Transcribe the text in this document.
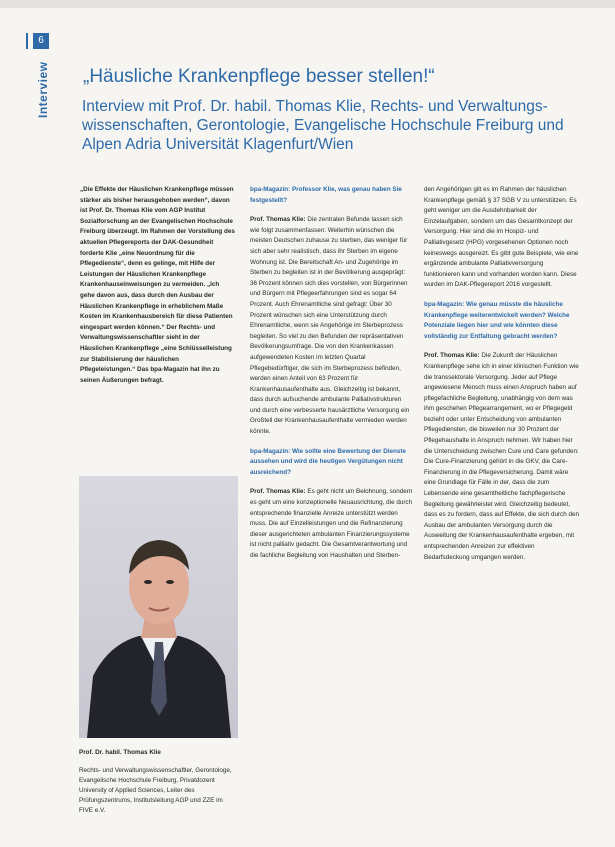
6
Interview „Häusliche Krankenpflege besser stellen!“
Interview mit Prof. Dr. habil. Thomas Klie, Rechts- und Verwaltungs-wissenschaften, Gerontologie, Evangelische Hochschule Freiburg und Alpen Adria Universität Klagenfurt/Wien

„Die Effekte der Häuslichen Krankenpflege müssen stärker als bisher herausgehoben werden“, davon ist Prof. Dr. Thomas Klie vom AGP Institut Sozialforschung an der Evangelischen Hochschule Freiburg überzeugt. Im Rahmen der Vorstellung des aktuellen Pflegereports der DAK-Gesundheit forderte Klie „eine Neuordnung für die Pflegedienste“, denn es gelinge, mit Hilfe der Leistungen der Häuslichen Krankenpflege Krankenhauseinweisungen zu vermeiden. „Ich gehe davon aus, dass durch den Ausbau der Häuslichen Krankenpflege in erheblichem Maße Kosten im Krankenhausbereich für diese Patienten eingespart werden können.“ Der Rechts- und Verwaltungswissenschaftler sieht in der Häuslichen Krankenpflege „eine Schlüsselleistung zur Stabilisierung der häuslichen Pflegeleistungen.“ Das bpa-Magazin hat ihn zu seinen Äußerungen befragt.

bpa-Magazin: Professor Klie, was genau haben Sie festgestellt?

Prof. Thomas Klie: Die zentralen Befunde lassen sich wie folgt zusammenfassen: Weiterhin wünschen die meisten Deutschen zuhause zu sterben, das weniger für sich aber sehr realistisch, dass ihr Sterben im eigene Wohnung ist. Die Bereitschaft An- und Zugehörige im Sterben zu begleiten ist in der Bevölkerung ausgeprägt: 36 Prozent können sich dies vorstellen, von Bürgerinnen und Bürgern mit Pflegeerfahrungen sind es sogar 64 Prozent. Auch Ehrenamtliche sind gefragt: Über 30 Prozent wünschen sich eine Unterstützung durch Ehrenamtliche, wenn sie Angehörige im Sterbeprozess begleiten. So viel zu den Befunden der repräsentativen Bevölkerungsumfrage. Die von den Krankenkassen aufgewendeten Kosten im letzten Quartal Pflegebedürftiger, die sich im Sterbeprozess befinden, werden einen Anteil von 63 Prozent für Krankenhausaufenthalte aus. Gleichzeitig ist bekannt, dass durch aufsuchende ambulante Palliativstrukturen und durch eine verbesserte hausärztliche Versorgung ein Großteil der Krankenhausaufenthalte vermieden werden könnte.

bpa-Magazin: Wie sollte eine Bewertung der Dienste aussehen und wird die heutigen Vergütungen nicht ausreichend?

Prof. Thomas Klie: Es geht nicht um Belohnung, sondern es geht um eine konzeptionelle Neuausrichtung, die durch entsprechende finanzielle Anreize unterstützt werden muss. Die auf Einzelleistungen und die Refinanzierung dieser ausgerichteten ambulanten Finanzierungssysteme ist nicht palliativ gedacht. Die Gesamtverantwortung und die fachliche Begleitung von Haushalten und Sterben-

den Angehörigen gilt es im Rahmen der häuslichen Krankenpflege gemäß § 37 SGB V zu unterstützen. Es geht weniger um die Ausdehnbarkeit der Einzelaufgaben, sondern um das Gesamtkonzept der Versorgung. Hier sind die im Hospiz- und Palliativgesetz (HPG) vorgesehenen Optionen noch keineswegs ausgereizt. Es gibt gute Beispiele, wie eine ergänzende ambulante Palliativversorgung funktionieren kann und vorhanden worden kann. Diese wurden im DAK-Pflegereport 2016 vorgestellt.

bpa-Magazin: Wie genau müsste die häusliche Krankenpflege weiterentwickelt werden? Welche Potenziale liegen hier und wie könnten diese vollständig zur Entfaltung gebracht werden?

Prof. Thomas Klie: Die Zukunft der Häuslichen Krankenpflege sehe ich in einer klinischen Funktion wie die transsektorale Versorgung. Jeder auf Pflege angewiesene Mensch muss einen Anspruch haben auf pflegefachliche Begleitung, unabhängig von dem was ihm geschehen Pflegearrangement, wo er Pflegegeld bezieht oder unter Entscheidung von ambulanten Pflegediensten, die bisweilen nur 30 Prozent der Pflegehaushalte in Anspruch nehmen. Wir haben hier die Unterscheidung zwischen Cure und Care gefunden: Die Cure-Finanzierung gehört in die GKV, die Care-Finanzierung in die Pflegeversicherung. Damit wäre eine Grundlage für Fälle in der, dass die zum Lebensende eine gesamtheitliche fachpflegerische Begleitung gewährleistet wird. Gleichzeitig bedeutet, dass es zu fordern, dass auf Effekte, die sich durch den Ausbau der ambulanten Versorgung durch die Ausweitung der Krankenhausaufenthalte ergeben, mit entsprechenden Anreizen zur effektiven Bedarfsdeckung umgangen werden.

Prof. Dr. habil. Thomas Klie
Rechts- und Verwaltungswissenschaftler, Gerontologe, Evangelische Hochschule Freiburg, Privatdozent University of Applied Sciences, Leiter des Prüfungszentrums, Institutsleitung AGP und ZZE im FIVE e.V.
